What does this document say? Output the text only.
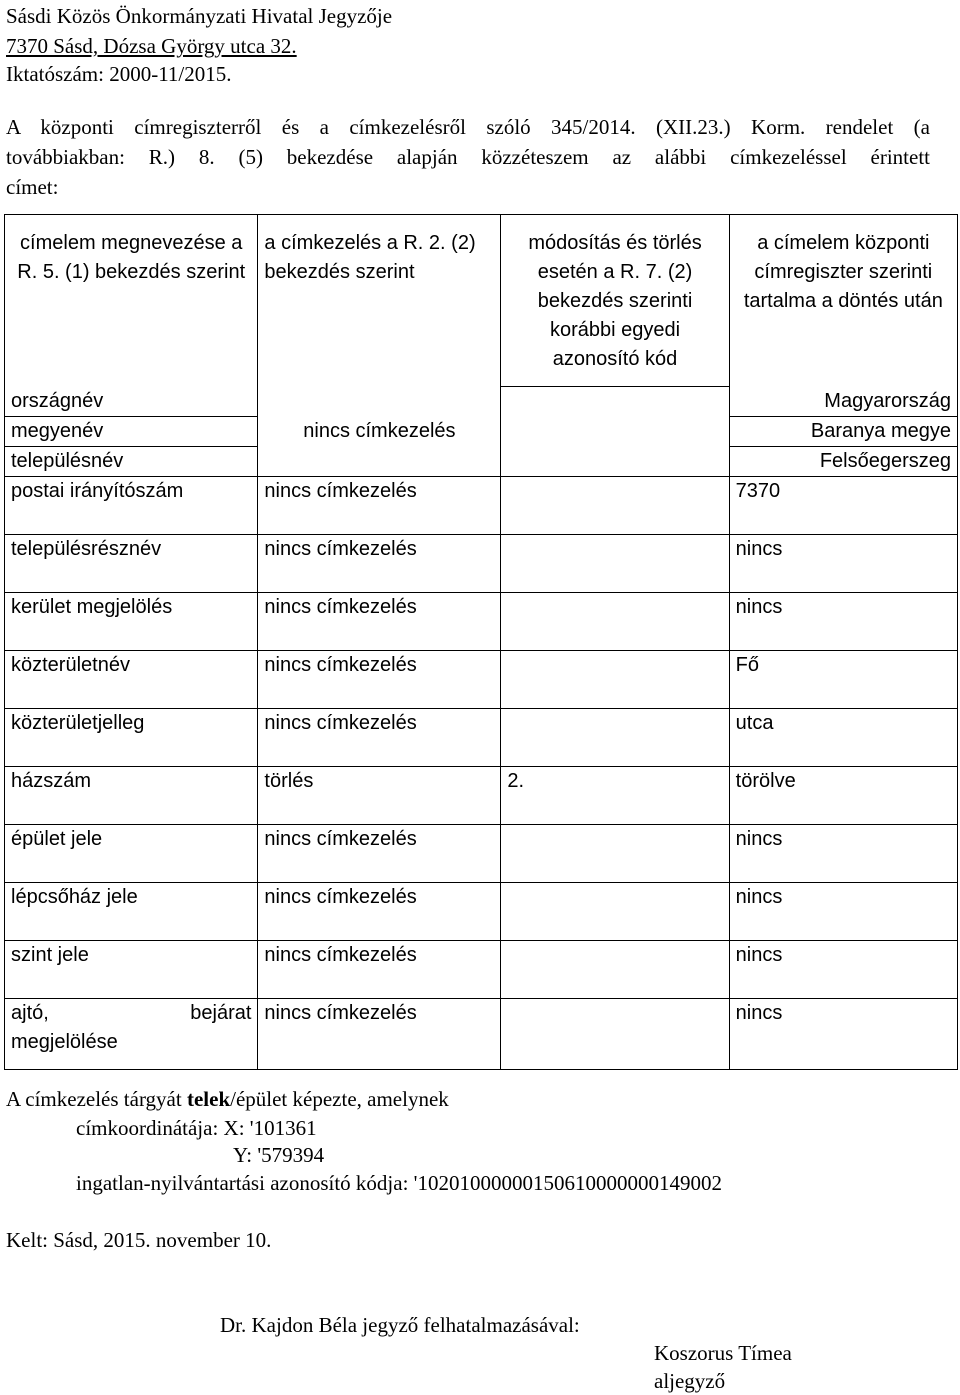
Sásdi Közös Önkormányzati Hivatal Jegyzője
7370 Sásd, Dózsa György utca 32.
Iktatószám: 2000-11/2015.
A központi címregiszterről és a címkezelésről szóló 345/2014. (XII.23.) Korm. rendelet (a
továbbiakban: R.) 8. (5) bekezdése alapján közzéteszem az alábbi címkezeléssel érintett
címet:
címelem megnevezése a R. 5. (1) bekezdés szerint	a címkezelés a R. 2. (2) bekezdés szerint	módosítás és törlés esetén a R. 7. (2) bekezdés szerinti korábbi egyedi azonosító kód	a címelem központi címregiszter szerinti tartalma a döntés után
országnév	nincs címkezelés		Magyarország
megyenév			Baranya megye
településnév			Felsőegerszeg
postai irányítószám	nincs címkezelés		7370
településrésznév	nincs címkezelés		nincs
kerület megjelölés	nincs címkezelés		nincs
közterületnév	nincs címkezelés		Fő
közterületjelleg	nincs címkezelés		utca
házszám	törlés	2.	törölve
épület jele	nincs címkezelés		nincs
lépcsőház jele	nincs címkezelés		nincs
szint jele	nincs címkezelés		nincs

ajtó, bejárat
megjelölése	nincs címkezelés		nincs
A címkezelés tárgyát telek/épület képezte, amelynek
címkoordinátája: X: '101361
Y: '579394
ingatlan-nyilvántartási azonosító kódja: '10201000000150610000000149002
Kelt: Sásd, 2015. november 10.
Dr. Kajdon Béla jegyző felhatalmazásával:
Koszorus Tímea
aljegyző
